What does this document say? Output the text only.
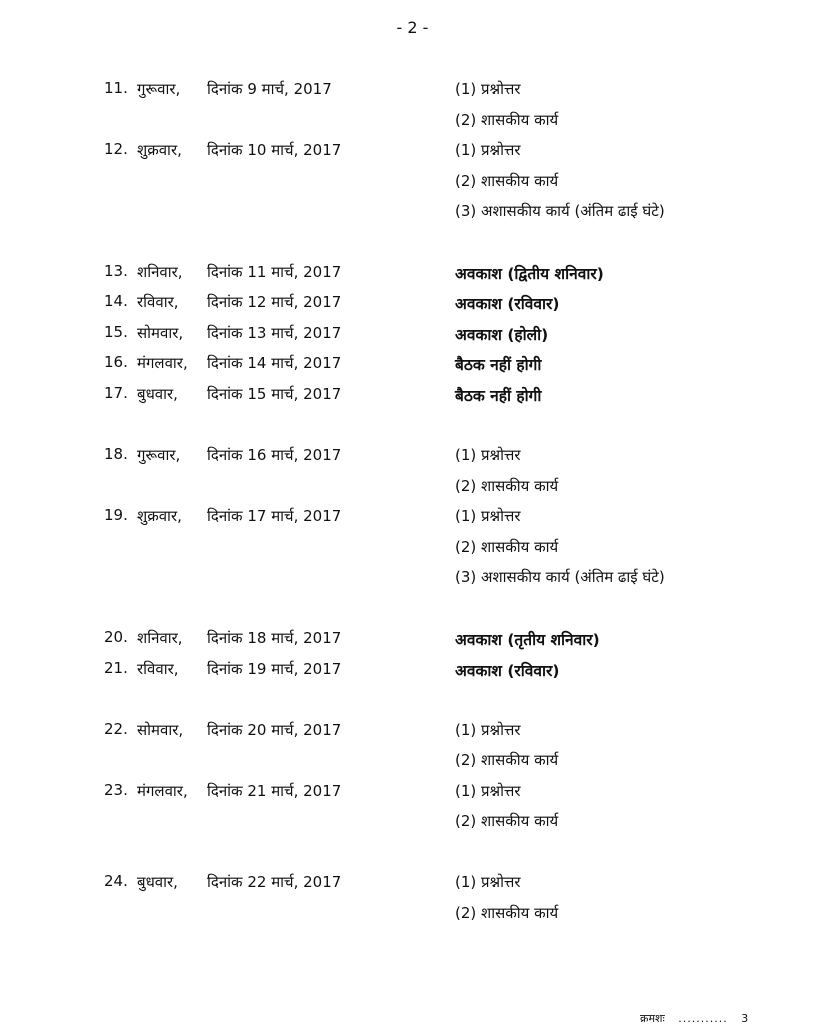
- 2 -
11. गुरूवार, दिनांक 9 मार्च, 2017
12. शुक्रवार, दिनांक 10 मार्च, 2017
13. शनिवार, दिनांक 11 मार्च, 2017
14. रविवार, दिनांक 12 मार्च, 2017
15. सोमवार, दिनांक 13 मार्च, 2017
16. मंगलवार, दिनांक 14 मार्च, 2017
17. बुधवार, दिनांक 15 मार्च, 2017
18. गुरूवार, दिनांक 16 मार्च, 2017
19. शुक्रवार, दिनांक 17 मार्च, 2017
20. शनिवार, दिनांक 18 मार्च, 2017
21. रविवार, दिनांक 19 मार्च, 2017
22. सोमवार, दिनांक 20 मार्च, 2017
23. मंगलवार, दिनांक 21 मार्च, 2017
24. बुधवार, दिनांक 22 मार्च, 2017
(1) प्रश्नोत्तर
(2) शासकीय कार्य
(1) प्रश्नोत्तर
(2) शासकीय कार्य
(3) अशासकीय कार्य (अंतिम ढाई घंटे)
अवकाश (द्वितीय शनिवार)
अवकाश (रविवार)
अवकाश (होली)
बैठक नहीं होगी
बैठक नहीं होगी
(1) प्रश्नोत्तर
(2) शासकीय कार्य
(1) प्रश्नोत्तर
(2) शासकीय कार्य
(3) अशासकीय कार्य (अंतिम ढाई घंटे)
अवकाश (तृतीय शनिवार)
अवकाश (रविवार)
(1) प्रश्नोत्तर
(2) शासकीय कार्य
(1) प्रश्नोत्तर
(2) शासकीय कार्य
(1) प्रश्नोत्तर
(2) शासकीय कार्य
क्रमशः ........... 3
